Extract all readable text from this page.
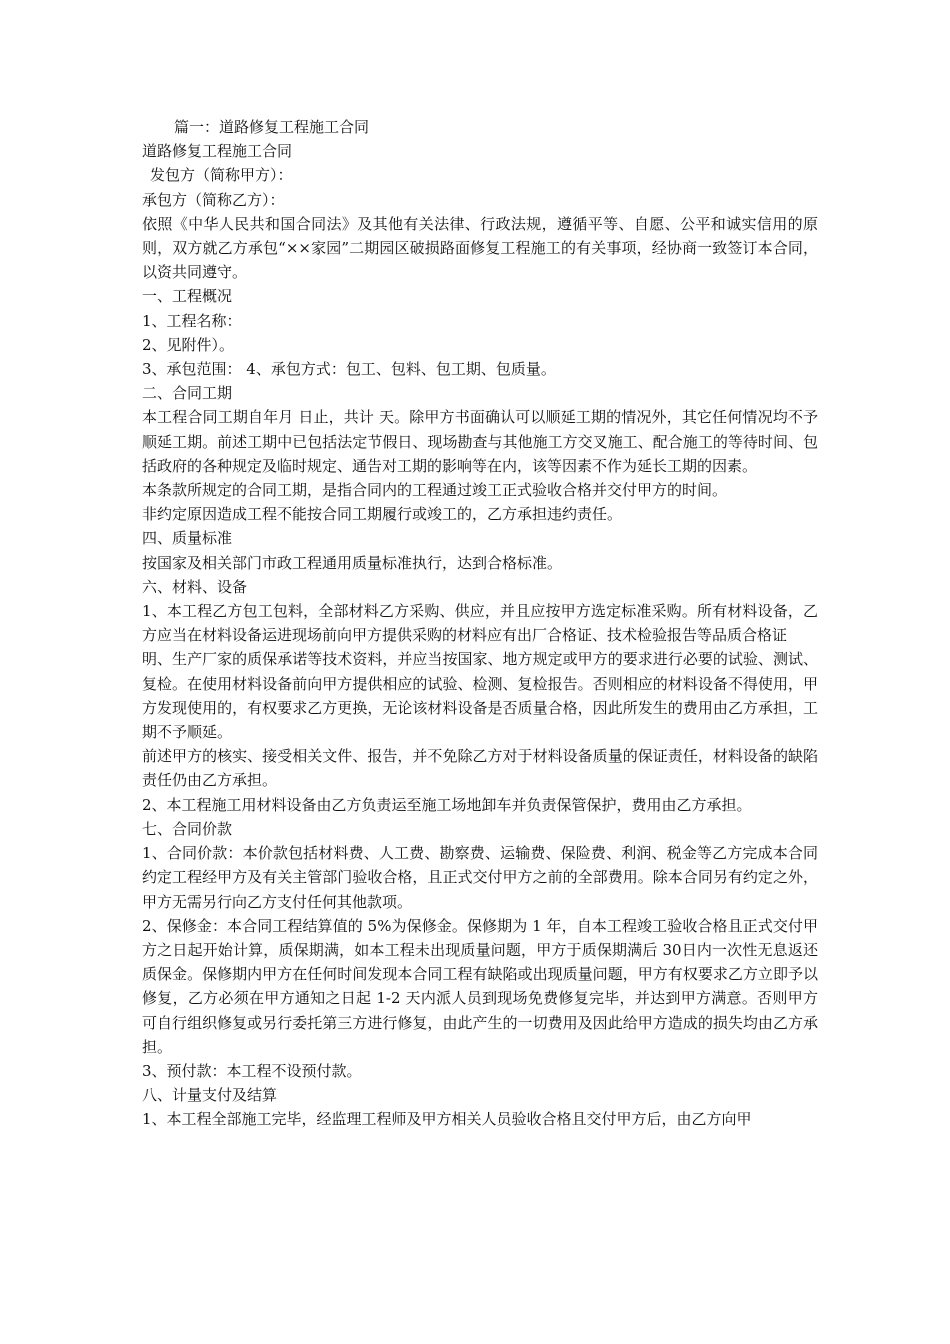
篇一：道路修复工程施工合同

道路修复工程施工合同

发包方（简称甲方）：

承包方（简称乙方）：

依照《中华人民共和国合同法》及其他有关法律、行政法规，遵循平等、自愿、公平和诚实信用的原则，双方就乙方承包“××家园”二期园区破损路面修复工程施工的有关事项，经协商一致签订本合同，以资共同遵守。

一、工程概况

1、工程名称：

2、见附件）。

3、承包范围： 4、承包方式：包工、包料、包工期、包质量。

二、合同工期

本工程合同工期自年月 日止，共计 天。除甲方书面确认可以顺延工期的情况外，其它任何情况均不予顺延工期。前述工期中已包括法定节假日、现场勘查与其他施工方交叉施工、配合施工的等待时间、包括政府的各种规定及临时规定、通告对工期的影响等在内，该等因素不作为延长工期的因素。

本条款所规定的合同工期，是指合同内的工程通过竣工正式验收合格并交付甲方的时间。

非约定原因造成工程不能按合同工期履行或竣工的，乙方承担违约责任。

四、质量标准

按国家及相关部门市政工程通用质量标准执行，达到合格标准。

六、材料、设备

1、本工程乙方包工包料，全部材料乙方采购、供应，并且应按甲方选定标准采购。所有材料设备，乙方应当在材料设备运进现场前向甲方提供采购的材料应有出厂合格证、技术检验报告等品质合格证

明、生产厂家的质保承诺等技术资料，并应当按国家、地方规定或甲方的要求进行必要的试验、测试、复检。在使用材料设备前向甲方提供相应的试验、检测、复检报告。否则相应的材料设备不得使用，甲方发现使用的，有权要求乙方更换，无论该材料设备是否质量合格，因此所发生的费用由乙方承担，工期不予顺延。

前述甲方的核实、接受相关文件、报告，并不免除乙方对于材料设备质量的保证责任，材料设备的缺陷责任仍由乙方承担。

2、本工程施工用材料设备由乙方负责运至施工场地卸车并负责保管保护，费用由乙方承担。

七、合同价款

1、合同价款：本价款包括材料费、人工费、勘察费、运输费、保险费、利润、税金等乙方完成本合同约定工程经甲方及有关主管部门验收合格，且正式交付甲方之前的全部费用。除本合同另有约定之外，甲方无需另行向乙方支付任何其他款项。

2、保修金：本合同工程结算值的 5%为保修金。保修期为 1 年，自本工程竣工验收合格且正式交付甲方之日起开始计算，质保期满，如本工程未出现质量问题，甲方于质保期满后 30日内一次性无息返还质保金。保修期内甲方在任何时间发现本合同工程有缺陷或出现质量问题，甲方有权要求乙方立即予以修复，乙方必须在甲方通知之日起 1-2 天内派人员到现场免费修复完毕，并达到甲方满意。否则甲方可自行组织修复或另行委托第三方进行修复，由此产生的一切费用及因此给甲方造成的损失均由乙方承担。

3、预付款：本工程不设预付款。

八、计量支付及结算

1、本工程全部施工完毕，经监理工程师及甲方相关人员验收合格且交付甲方后，由乙方向甲
